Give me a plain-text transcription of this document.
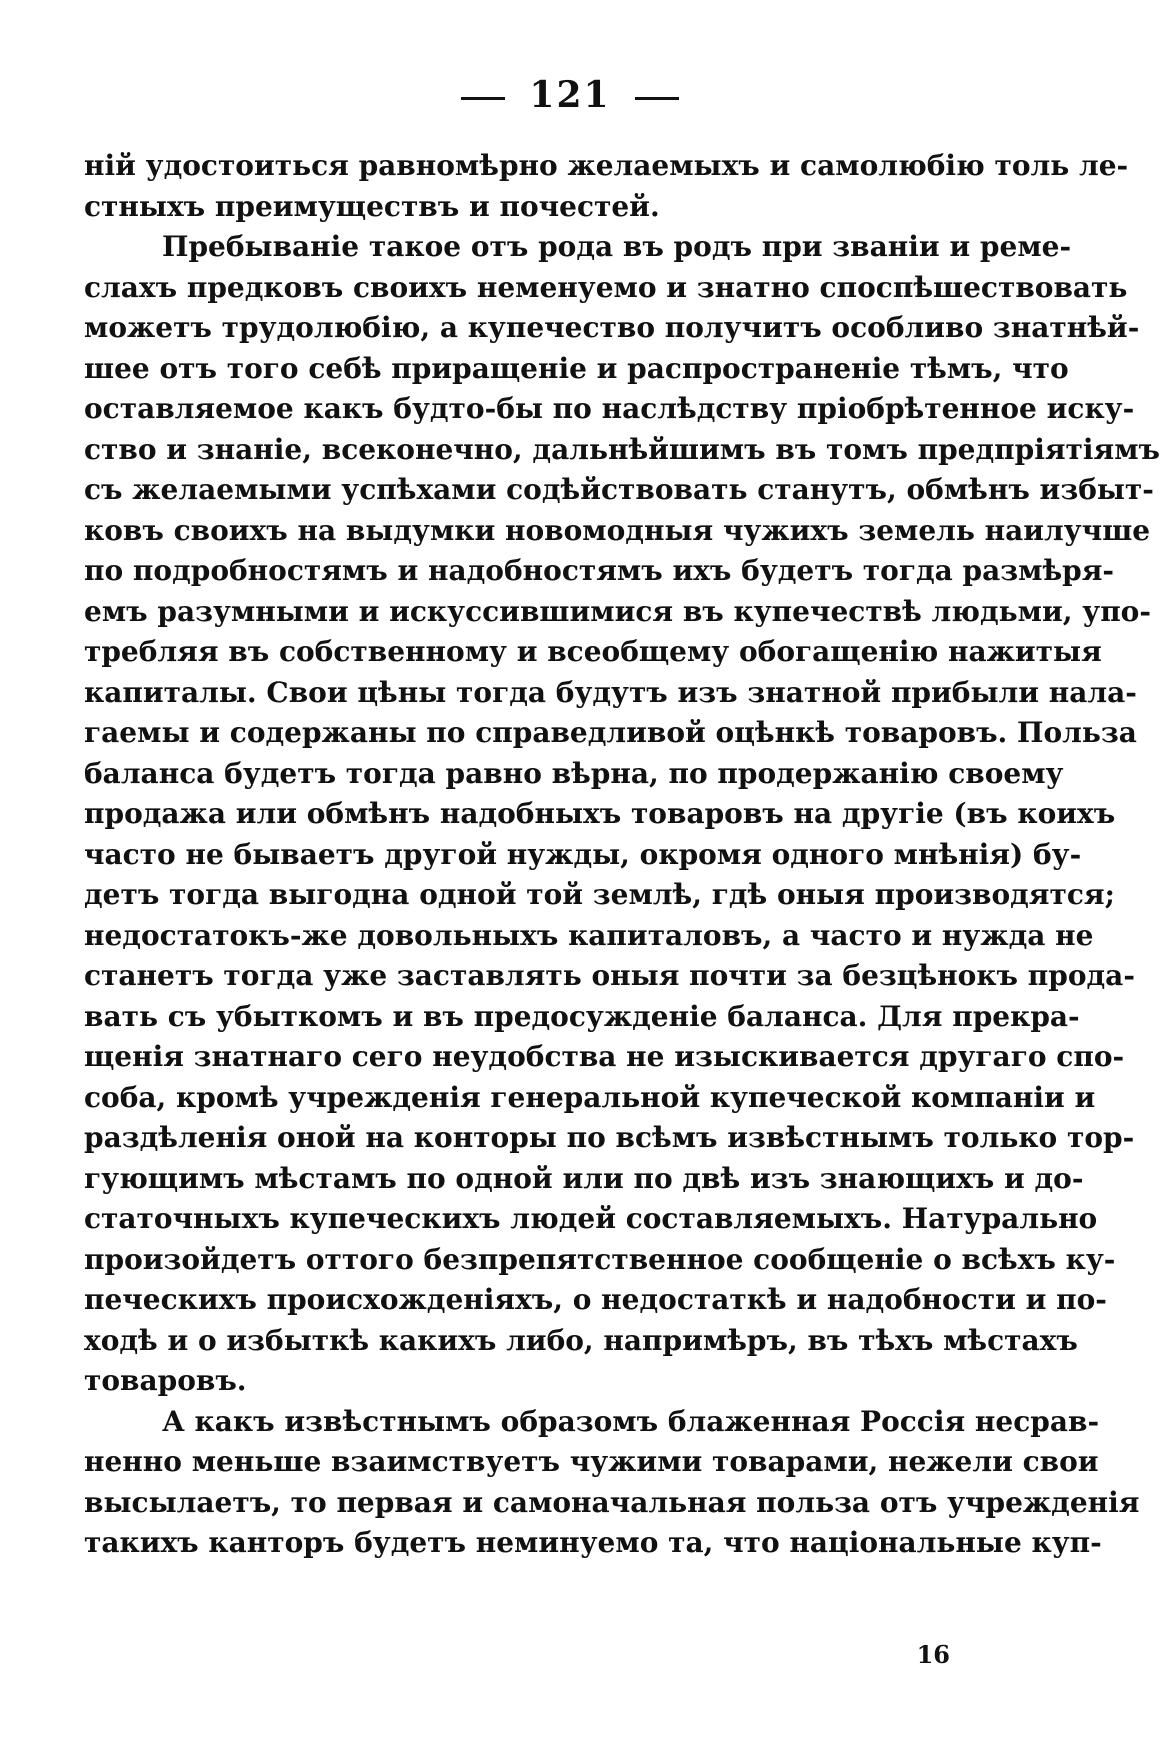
121
ній удостоиться равномѣрно желаемыхъ и самолюбію толь ле-
стныхъ преимуществъ и почестей.
Пребываніе такое отъ рода въ родъ при званіи и реме-
слахъ предковъ своихъ неменуемо и знатно споспѣшествовать
можетъ трудолюбію, а купечество получитъ особливо знатнѣй-
шее отъ того себѣ приращеніе и распространеніе тѣмъ, что
оставляемое какъ будто-бы по наслѣдству пріобрѣтенное иску-
ство и знаніе, всеконечно, дальнѣйшимъ въ томъ предпріятіямъ
съ желаемыми успѣхами содѣйствовать станутъ, обмѣнъ избыт-
ковъ своихъ на выдумки новомодныя чужихъ земель наилучше
по подробностямъ и надобностямъ ихъ будетъ тогда размѣря-
емъ разумными и искуссившимися въ купечествѣ людьми, упо-
требляя въ собственному и всеобщему обогащенію нажитыя
капиталы. Свои цѣны тогда будутъ изъ знатной прибыли нала-
гаемы и содержаны по справедливой оцѣнкѣ товаровъ. Польза
баланса будетъ тогда равно вѣрна, по продержанію своему
продажа или обмѣнъ надобныхъ товаровъ на другіе (въ коихъ
часто не бываетъ другой нужды, окромя одного мнѣнія) бу-
детъ тогда выгодна одной той землѣ, гдѣ оныя производятся;
недостатокъ-же довольныхъ капиталовъ, а часто и нужда не
станетъ тогда уже заставлять оныя почти за безцѣнокъ прода-
вать съ убыткомъ и въ предосужденіе баланса. Для прекра-
щенія знатнаго сего неудобства не изыскивается другаго спо-
соба, кромѣ учрежденія генеральной купеческой компаніи и
раздѣленія оной на конторы по всѣмъ извѣстнымъ только тор-
гующимъ мѣстамъ по одной или по двѣ изъ знающихъ и до-
статочныхъ купеческихъ людей составляемыхъ. Натурально
произойдетъ оттого безпрепятственное сообщеніе о всѣхъ ку-
печескихъ происхожденіяхъ, о недостаткѣ и надобности и по-
ходѣ и о избыткѣ какихъ либо, напримѣръ, въ тѣхъ мѣстахъ
товаровъ.
А какъ извѣстнымъ образомъ блаженная Россія несрав-
ненно меньше взаимствуетъ чужими товарами, нежели свои
высылаетъ, то первая и самоначальная польза отъ учрежденія
такихъ канторъ будетъ неминуемо та, что національные куп-
16
